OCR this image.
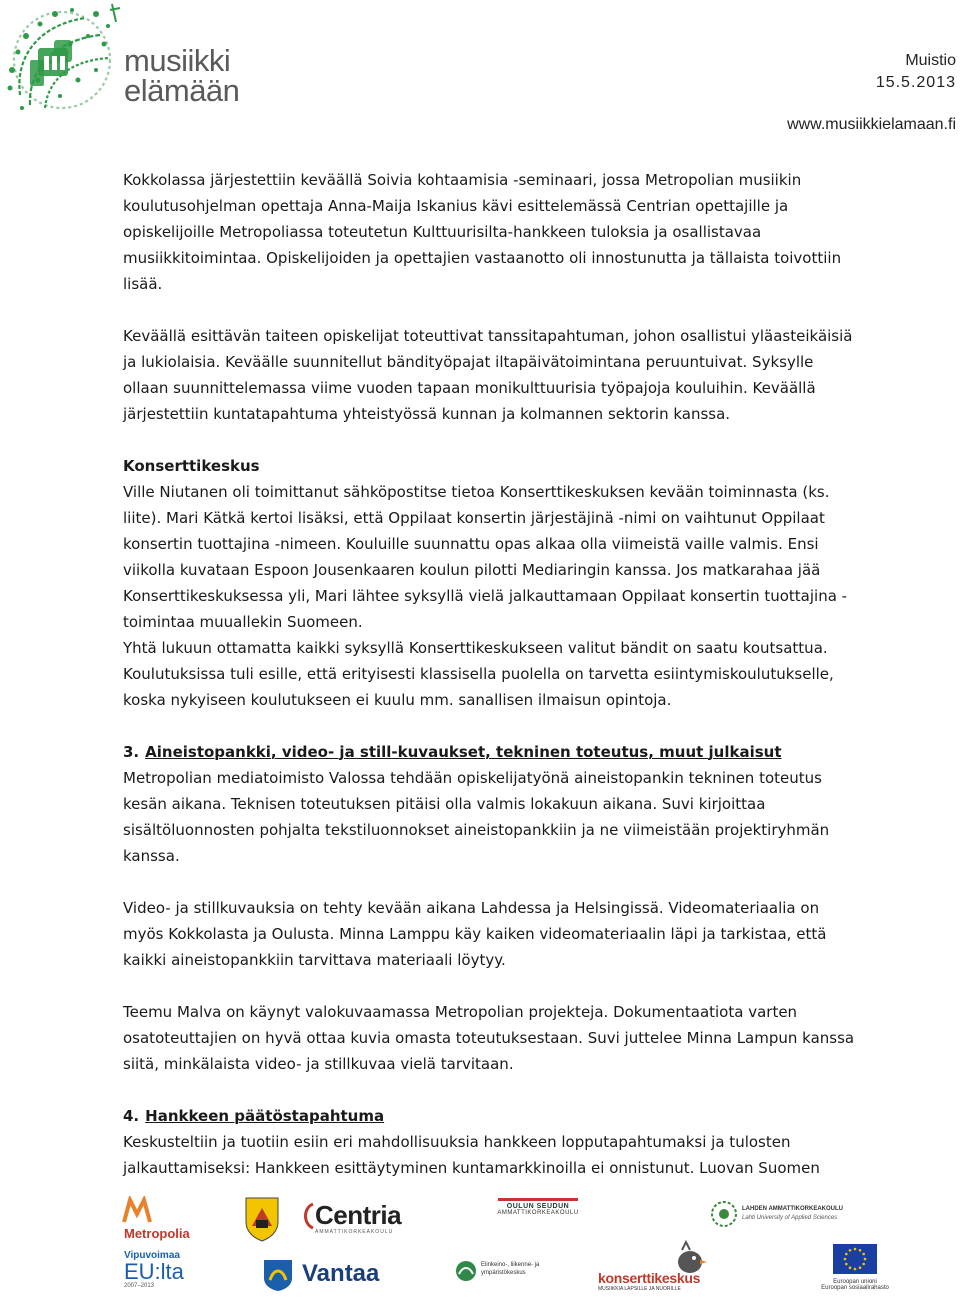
musiikki
elämään
Muistio
15.5.2013
www.musiikkielamaan.fi

Kokkolassa järjestettiin keväällä Soivia kohtaamisia -seminaari, jossa Metropolian musiikin koulutusohjelman opettaja Anna-Maija Iskanius kävi esittelemässä Centrian opettajille ja opiskelijoille Metropoliassa toteutetun Kulttuurisilta-hankkeen tuloksia ja osallistavaa musiikkitoimintaa. Opiskelijoiden ja opettajien vastaanotto oli innostunutta ja tällaista toivottiin lisää.

Keväällä esittävän taiteen opiskelijat toteuttivat tanssitapahtuman, johon osallistui yläasteikäisiä ja lukiolaisia. Keväälle suunnitellut bändityöpajat iltapäivätoimintana peruuntuivat. Syksylle ollaan suunnittelemassa viime vuoden tapaan monikulttuurisia työpajoja kouluihin. Keväällä järjestettiin kuntatapahtuma yhteistyössä kunnan ja kolmannen sektorin kanssa.

Konserttikeskus

Ville Niutanen oli toimittanut sähköpostitse tietoa Konserttikeskuksen kevään toiminnasta (ks. liite). Mari Kätkä kertoi lisäksi, että Oppilaat konsertin järjestäjinä -nimi on vaihtunut Oppilaat konsertin tuottajina -nimeen. Kouluille suunnattu opas alkaa olla viimeistä vaille valmis. Ensi viikolla kuvataan Espoon Jousenkaaren koulun pilotti Mediaringin kanssa. Jos matkarahaa jää Konserttikeskuksessa yli, Mari lähtee syksyllä vielä jalkauttamaan Oppilaat konsertin tuottajina -toimintaa muuallekin Suomeen.

Yhtä lukuun ottamatta kaikki syksyllä Konserttikeskukseen valitut bändit on saatu koutsattua. Koulutuksissa tuli esille, että erityisesti klassisella puolella on tarvetta esiintymiskoulutukselle, koska nykyiseen koulutukseen ei kuulu mm. sanallisen ilmaisun opintoja.

3. Aineistopankki, video- ja still-kuvaukset, tekninen toteutus, muut julkaisut

Metropolian mediatoimisto Valossa tehdään opiskelijatyönä aineistopankin tekninen toteutus kesän aikana. Teknisen toteutuksen pitäisi olla valmis lokakuun aikana. Suvi kirjoittaa sisältöluonnosten pohjalta tekstiluonnokset aineistopankkiin ja ne viimeistään projektiryhmän kanssa.

Video- ja stillkuvauksia on tehty kevään aikana Lahdessa ja Helsingissä. Videomateriaalia on myös Kokkolasta ja Oulusta. Minna Lamppu käy kaiken videomateriaalin läpi ja tarkistaa, että kaikki aineistopankkiin tarvittava materiaali löytyy.

Teemu Malva on käynyt valokuvaamassa Metropolian projekteja. Dokumentaatiota varten osatoteuttajien on hyvä ottaa kuvia omasta toteutuksestaan. Suvi juttelee Minna Lampun kanssa siitä, minkälaista video- ja stillkuvaa vielä tarvitaan.

4. Hankkeen päätöstapahtuma

Keskusteltiin ja tuotiin esiin eri mahdollisuuksia hankkeen lopputapahtumaksi ja tulosten jalkauttamiseksi: Hankkeen esittäytyminen kuntamarkkinoilla ei onnistunut. Luovan Suomen

Metropolia
Centria
AMMATTIKORKEAKOULU
OULUN SEUDUN
AMMATTIKORKEAKOULU
LAHDEN AMMATTIKORKEAKOULU
Lahti University of Applied Sciences
Vipuvoimaa
EU:lta
2007–2013	Vantaa	Elinkeino-, liikenne- ja
ympäristökeskus	konserttikeskus
MUSIIKKIA LAPSILLE JA NUORILLE
Euroopan unioni
Euroopan sosiaalirahasto
